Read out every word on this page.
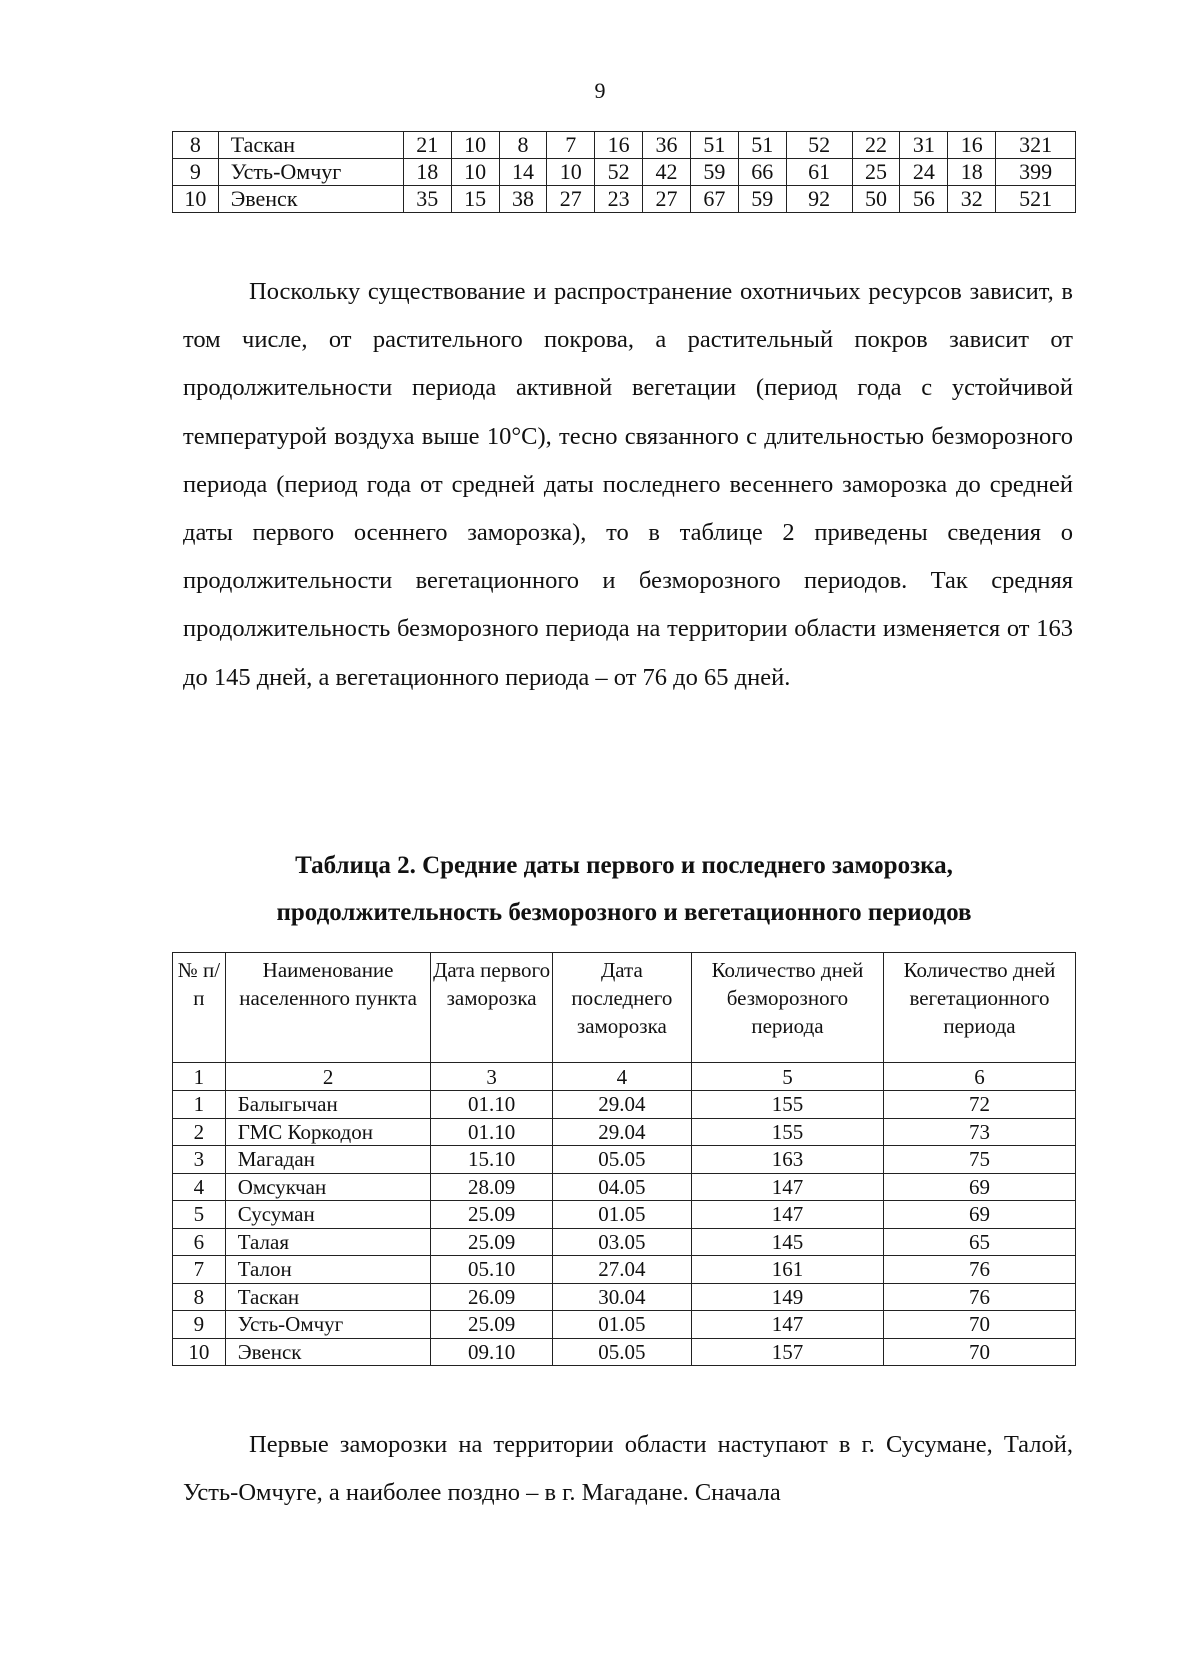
9
8	Таскан	21	10	8	7	16	36	51	51	52	22	31	16	321
9	Усть-Омчуг	18	10	14	10	52	42	59	66	61	25	24	18	399
10	Эвенск	35	15	38	27	23	27	67	59	92	50	56	32	521

Поскольку существование и распространение охотничьих ресурсов зависит, в том числе, от растительного покрова, а растительный покров зависит от продолжительности периода активной вегетации (период года с устойчивой температурой воздуха выше 10°С), тесно связанного с длительностью безморозного периода (период года от средней даты последнего весеннего заморозка до средней даты первого осеннего заморозка), то в таблице 2 приведены сведения о продолжительности вегетационного и безморозного периодов. Так средняя продолжительность безморозного периода на территории области изменяется от 163 до 145 дней, а вегетационного периода – от 76 до 65 дней.

Таблица 2. Средние даты первого и последнего заморозка,
продолжительность безморозного и вегетационного периодов
№ п/п	Наименование населенного пункта	Дата первого заморозка	Дата последнего заморозка	Количество дней безморозного периода	Количество дней вегетационного периода
1	2	3	4	5	6
1	Балыгычан	01.10	29.04	155	72
2	ГМС Коркодон	01.10	29.04	155	73
3	Магадан	15.10	05.05	163	75
4	Омсукчан	28.09	04.05	147	69
5	Сусуман	25.09	01.05	147	69
6	Талая	25.09	03.05	145	65
7	Талон	05.10	27.04	161	76
8	Таскан	26.09	30.04	149	76
9	Усть-Омчуг	25.09	01.05	147	70
10	Эвенск	09.10	05.05	157	70

Первые заморозки на территории области наступают в г. Сусумане, Талой, Усть-Омчуге, а наиболее поздно – в г. Магадане. Сначала
